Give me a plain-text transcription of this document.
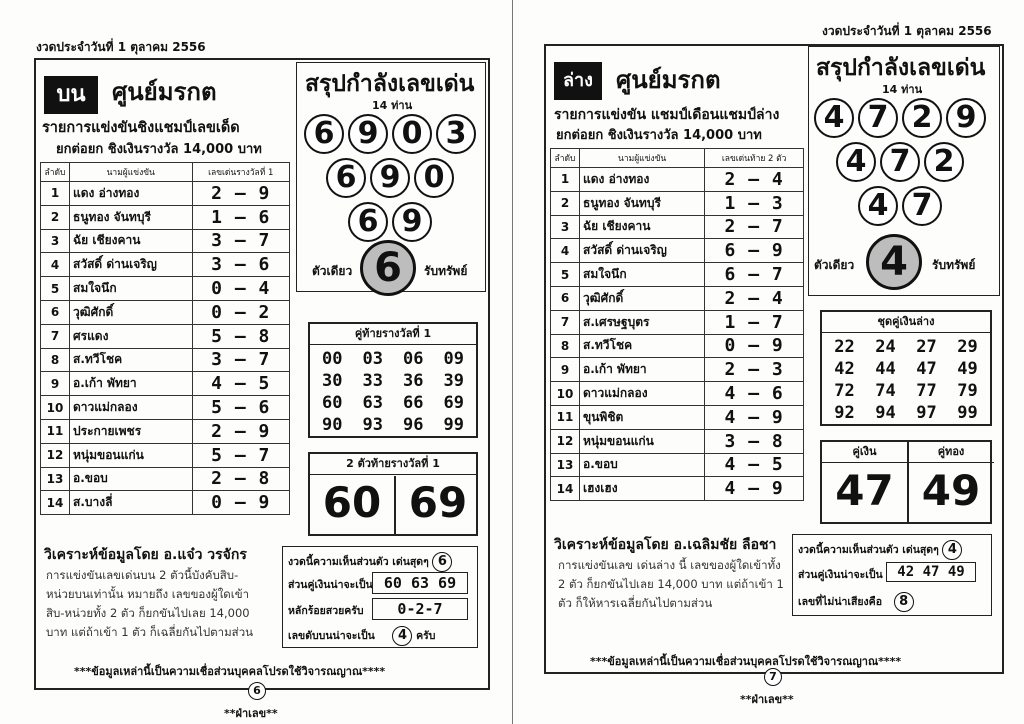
งวดประจำวันที่ 1 ตุลาคม 2556
บน	ศูนย์มรกต
รายการแข่งขันชิงแชมป์เลขเด็ด
ยกต่อยก ชิงเงินรางวัล 14,000 บาท
ลำดับ	นามผู้แข่งขัน	เลขเด่นรางวัลที่ 1
1	แดง อ่างทอง	2 – 9
2	ธนูทอง จันทบุรี	1 – 6
3	ฉัย เชียงคาน	3 – 7
4	สวัสดิ์ ด่านเจริญ	3 – 6
5	สมใจนึก	0 – 4
6	วุฒิศักดิ์	0 – 2
7	ศรแดง	5 – 8
8	ส.ทวีโชค	3 – 7
9	อ.เก้า พัทยา	4 – 5
10	ดาวแม่กลอง	5 – 6
11	ประกายเพชร	2 – 9
12	หนุ่มขอนแก่น	5 – 7
13	อ.ขอบ	2 – 8
14	ส.บางลี่	0 – 9
สรุปกำลังเลขเด่น
14 ท่าน
6 9 0 3
6 9 0
6 9
ตัวเดียว 6	รับทรัพย์
คู่ท้ายรางวัลที่ 1
00	03	06	09
30	33	36	39
60	63	66	69
90	93	96	99
2 ตัวท้ายรางวัลที่ 1
60 69
วิเคราะห์ข้อมูลโดย อ.แจ๋ว วรจักร
การแข่งขันเลขเด่นบน 2 ตัวนี้บังคับสิบ-หน่วยบนเท่านั้น หมายถึง เลขของผู้ใดเข้าสิบ-หน่วยทั้ง 2 ตัว ก็ยกขันไปเลย 14,000 บาท แต่ถ้าเข้า 1 ตัว ก็เฉลี่ยกันไปตามส่วน
งวดนี้ความเห็นส่วนตัว เด่นสุดๆ 6
ส่วนคู่เงินน่าจะเป็น 60 63 69
หลักร้อยสวยครับ	0-2-7
เลขดับบนน่าจะเป็น 4 ครับ
***ข้อมูลเหล่านี้เป็นความเชื่อส่วนบุคคลโปรดใช้วิจารณญาณ****
6
**ฝ่าเลข**
งวดประจำวันที่ 1 ตุลาคม 2556
ล่าง ศูนย์มรกต
รายการแข่งขัน แชมป์เดือนแชมป์ล่าง
ยกต่อยก ชิงเงินรางวัล 14,000 บาท
ลำดับ	นามผู้แข่งขัน	เลขเด่นท้าย 2 ตัว
1	แดง อ่างทอง	2 – 4
2	ธนูทอง จันทบุรี	1 – 3
3	ฉัย เชียงคาน	2 – 7
4	สวัสดิ์ ด่านเจริญ	6 – 9
5	สมใจนึก	6 – 7
6	วุฒิศักดิ์	2 – 4
7	ส.เศรษฐบุตร	1 – 7
8	ส.ทวีโชค	0 – 9
9	อ.เก้า พัทยา	2 – 3
10	ดาวแม่กลอง	4 – 6
11	ขุนพิชิต	4 – 9
12	หนุ่มขอนแก่น	3 – 8
13	อ.ขอบ	4 – 5
14	เฮงเฮง	4 – 9
สรุปกำลังเลขเด่น
14 ท่าน
4 7 2 9
4 7 2
4 7
ตัวเดียว 4	รับทรัพย์
ชุดคู่เงินล่าง
22	24	27	29
42	44	47	49
72	74	77	79
92	94	97	99
คู่เงิน	คู่ทอง
47 49
วิเคราะห์ข้อมูลโดย อ.เฉลิมชัย ลือชา
การแข่งขันเลข เด่นล่าง นี้ เลขของผู้ใดเข้าทั้ง 2 ตัว ก็ยกขันไปเลย 14,000 บาท แต่ถ้าเข้า 1 ตัว ก็ให้หารเฉลี่ยกันไปตามส่วน
งวดนี้ความเห็นส่วนตัว เด่นสุดๆ 4
ส่วนคู่เงินน่าจะเป็น	42 47 49
เลขที่ไม่น่าเสียงคือ 8
***ข้อมูลเหล่านี้เป็นความเชื่อส่วนบุคคลโปรดใช้วิจารณญาณ****
7
**ฝ่าเลข**
